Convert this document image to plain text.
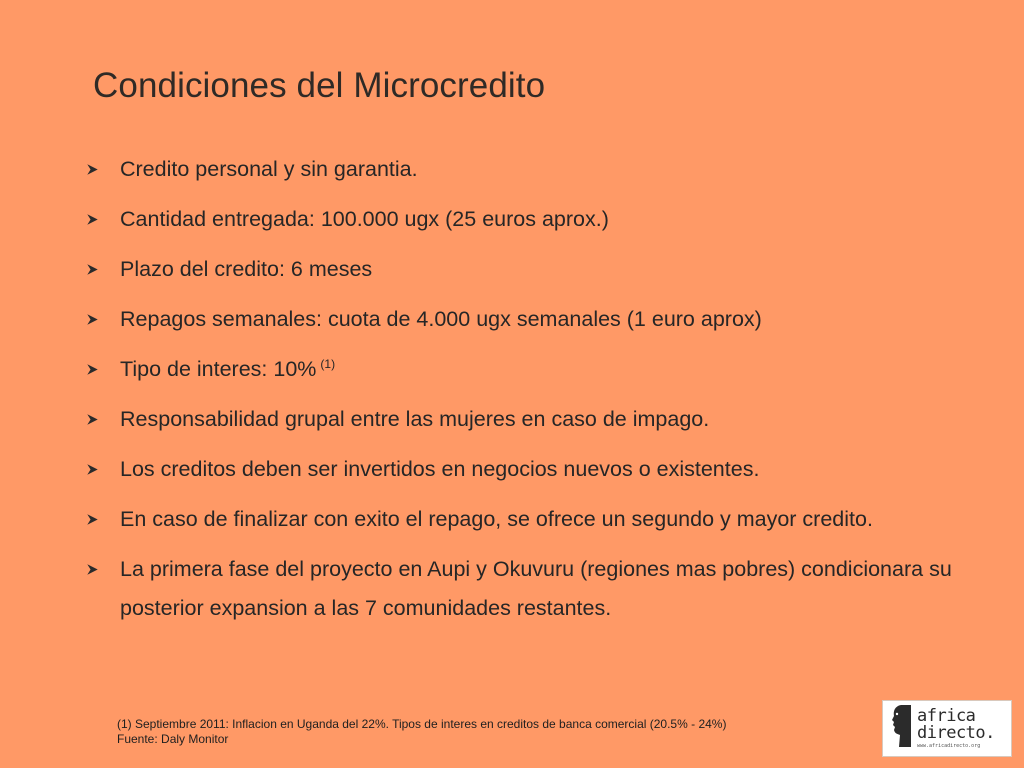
Condiciones del Microcredito
Credito personal y sin garantia.
Cantidad entregada: 100.000 ugx (25 euros aprox.)
Plazo del credito: 6 meses
Repagos semanales: cuota de 4.000 ugx semanales (1 euro aprox)
Tipo de interes: 10% $^{(1)}$
Responsabilidad grupal entre las mujeres en caso de impago.
Los creditos deben ser invertidos en negocios nuevos o existentes.
En caso de finalizar con exito el repago, se ofrece un segundo y mayor credito.
La primera fase del proyecto en Aupi y Okuvuru (regiones mas pobres) condicionara su posterior expansion a las 7 comunidades restantes.
(1) Septiembre 2011: Inflacion en Uganda del 22%. Tipos de interes en creditos de banca comercial (20.5% - 24%)
Fuente: Daly Monitor
africa
directo.
www.africadirecto.org
